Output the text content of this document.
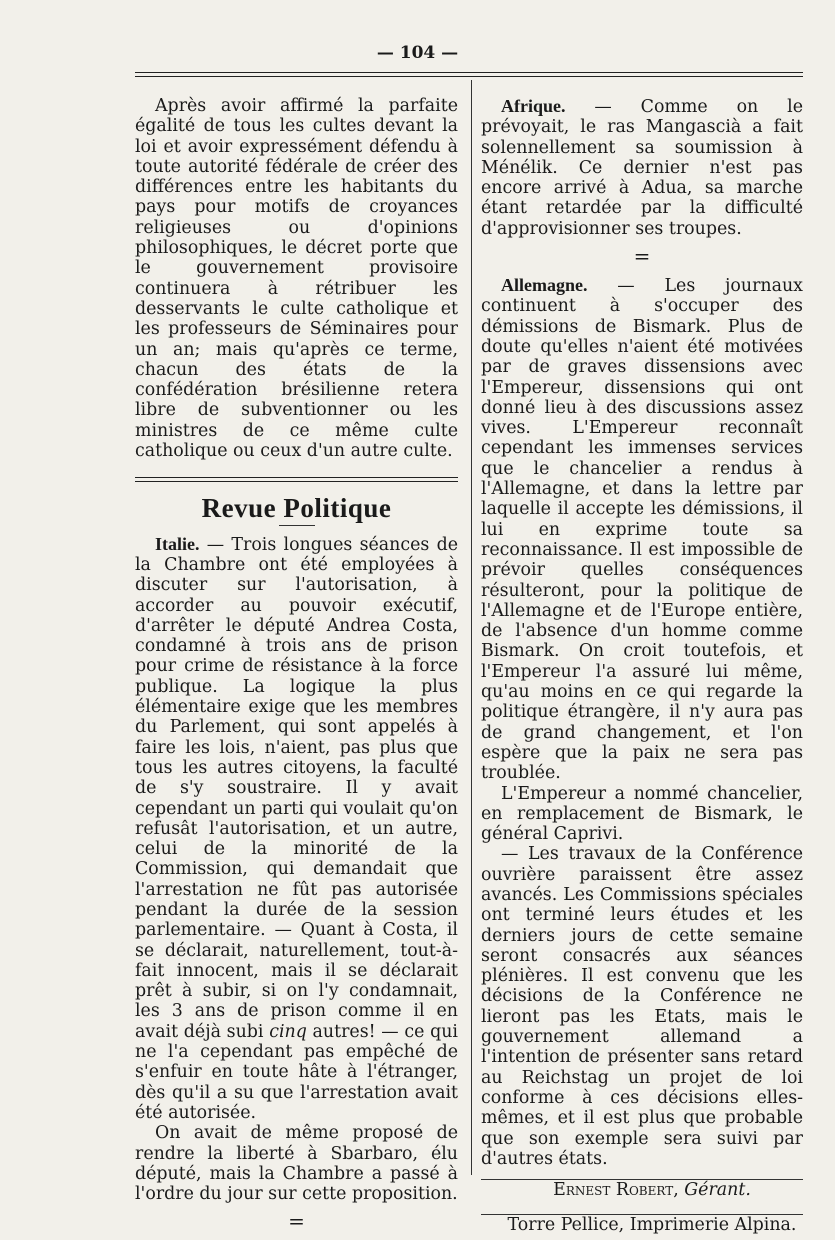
— 104 —

Après avoir affirmé la parfaite égalité de tous les cultes devant la loi et avoir expressément défendu à toute autorité fédérale de créer des différences entre les habitants du pays pour motifs de croyances religieuses ou d'opinions philosophiques, le décret porte que le gouvernement provisoire continuera à rétribuer les desservants le culte catholique et les professeurs de Séminaires pour un an; mais qu'après ce terme, chacun des états de la confédération brésilienne retera libre de subventionner ou les ministres de ce même culte catholique ou ceux d'un autre culte.

Revue Politique

Italie. — Trois longues séances de la Chambre ont été employées à discuter sur l'autorisation, à accorder au pouvoir exécutif, d'arrêter le député Andrea Costa, condamné à trois ans de prison pour crime de résistance à la force publique. La logique la plus élémentaire exige que les membres du Parlement, qui sont appelés à faire les lois, n'aient, pas plus que tous les autres citoyens, la faculté de s'y soustraire. Il y avait cependant un parti qui voulait qu'on refusât l'autorisation, et un autre, celui de la minorité de la Commission, qui demandait que l'arrestation ne fût pas autorisée pendant la durée de la session parlementaire. — Quant à Costa, il se déclarait, naturellement, tout-à-fait innocent, mais il se déclarait prêt à subir, si on l'y condamnait, les 3 ans de prison comme il en avait déjà subi cinq autres! — ce qui ne l'a cependant pas empêché de s'enfuir en toute hâte à l'étranger, dès qu'il a su que l'arrestation avait été autorisée.

On avait de même proposé de rendre la liberté à Sbarbaro, élu député, mais la Chambre a passé à l'ordre du jour sur cette proposition.

=

Afrique. — Comme on le prévoyait, le ras Mangascià a fait solennellement sa soumission à Ménélik. Ce dernier n'est pas encore arrivé à Adua, sa marche étant retardée par la difficulté d'approvisionner ses troupes.

=

Allemagne. — Les journaux continuent à s'occuper des démissions de Bismark. Plus de doute qu'elles n'aient été motivées par de graves dissensions avec l'Empereur, dissensions qui ont donné lieu à des discussions assez vives. L'Empereur reconnaît cependant les immenses services que le chancelier a rendus à l'Allemagne, et dans la lettre par laquelle il accepte les démissions, il lui en exprime toute sa reconnaissance. Il est impossible de prévoir quelles conséquences résulteront, pour la politique de l'Allemagne et de l'Europe entière, de l'absence d'un homme comme Bismark. On croit toutefois, et l'Empereur l'a assuré lui même, qu'au moins en ce qui regarde la politique étrangère, il n'y aura pas de grand changement, et l'on espère que la paix ne sera pas troublée.

L'Empereur a nommé chancelier, en remplacement de Bismark, le général Caprivi.

— Les travaux de la Conférence ouvrière paraissent être assez avancés. Les Commissions spéciales ont terminé leurs études et les derniers jours de cette semaine seront consacrés aux séances plénières. Il est convenu que les décisions de la Conférence ne lieront pas les Etats, mais le gouvernement allemand a l'intention de présenter sans retard au Reichstag un projet de loi conforme à ces décisions elles-mêmes, et il est plus que probable que son exemple sera suivi par d'autres états.

Ernest Robert, Gérant.

Torre Pellice, Imprimerie Alpina.
